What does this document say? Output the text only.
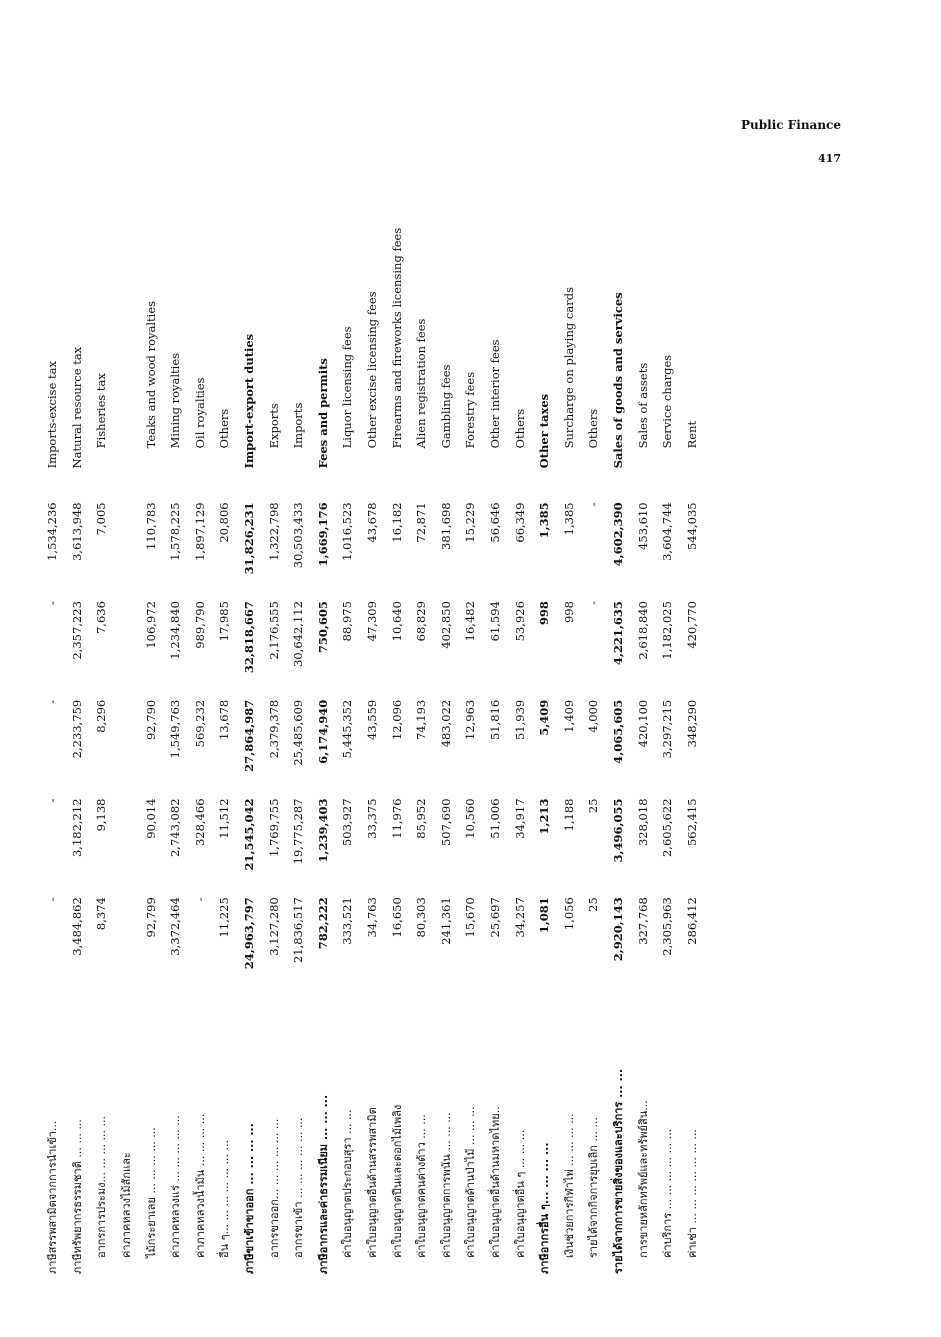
Public Finance
417
ภาษีสรรพสามิตจากการนำเข้า...	-	-	-	-	1,534,236	Imports-excise tax
ภาษีทรัพยากรธรรมชาติ ... ... ...	3,484,862	3,182,212	2,233,759	2,357,223	3,613,948	Natural resource tax
อากรการประมง... ... ... ... ...	8,374	9,138	8,296	7,636	7,005	Fisheries tax
ค่าภาคหลวงไม้สักและ						
ไม้กระยาเลย ... ... ... ... ...	92,799	90,014	92,790	106,972	110,783	Teaks and wood royalties
ค่าภาคหลวงแร่ ... ... ... ... ...	3,372,464	2,743,082	1,549,763	1,234,840	1,578,225	Mining royalties
ค่าภาคหลวงน้ำมัน ... ... ... ...	-	328,466	569,232	989,790	1,897,129	Oil royalties
อื่น ๆ... ... ... ... ... ... ...	11,225	11,512	13,678	17,985	20,806	Others
ภาษีขาเข้าขาออก ... ... ... ...	24,963,797	21,545,042	27,864,987	32,818,667	31,826,231	Import-export duties
อากรขาออก... ... ... ... ... ...	3,127,280	1,769,755	2,379,378	2,176,555	1,322,798	Exports
อากรขาเข้า ... ... ... ... ... ...	21,836,517	19,775,287	25,485,609	30,642,112	30,503,433	Imports
ภาษีอากรและค่าธรรมเนียม ... ... ...	782,222	1,239,403	6,174,940	750,605	1,669,176	Fees and permits
ค่าใบอนุญาตประกอบสุรา ... ...	333,521	503,927	5,445,352	88,975	1,016,523	Liquor licensing fees
ค่าใบอนุญาตอื่นด้านสรรพสามิต	34,763	33,375	43,559	47,309	43,678	Other excise licensing fees
ค่าใบอนุญาตปืนและดอกไม้เพลิง	16,650	11,976	12,096	10,640	16,182	Firearms and fireworks licensing fees
ค่าใบอนุญาตคนต่างด้าว ... ...	80,303	85,952	74,193	68,829	72,871	Alien registration fees
ค่าใบอนุญาตการพนัน ... ... ...	241,361	507,690	483,022	402,850	381,698	Gambling fees
ค่าใบอนุญาตด้านป่าไม้ ... ... ...	15,670	10,560	12,963	16,482	15,229	Forestry fees
ค่าใบอนุญาตอื่นด้านมหาดไทย..	25,697	51,006	51,816	61,594	56,646	Other interior fees
ค่าใบอนุญาตอื่น ๆ ... ... ...	34,257	34,917	51,939	53,926	66,349	Others
ภาษีอากรอื่น ๆ... ... ... ...	1,081	1,213	5,409	998	1,385	Other taxes
เงินช่วยการกีฬาไพ่ ... ... ... ...	1,056	1,188	1,409	998	1,385	Surcharge on playing cards
รายได้จากกิจการยุบเลิก ... ...	25	25	4,000	-	-	Others
รายได้จากการขายสิ่งของและบริการ ... ...	2,920,143	3,496,055	4,065,605	4,221,635	4,602,390	Sales of goods and services
การขายหลักทรัพย์และทรัพย์สิน...	327,768	328,018	420,100	2,618,840	453,610	Sales of assets
ค่าบริการ ... ... ... ... ... ...	2,305,963	2,605,622	3,297,215	1,182,025	3,604,744	Service charges
ค่าเช่า ... ... ... ... ... ... ...	286,412	562,415	348,290	420,770	544,035	Rent
